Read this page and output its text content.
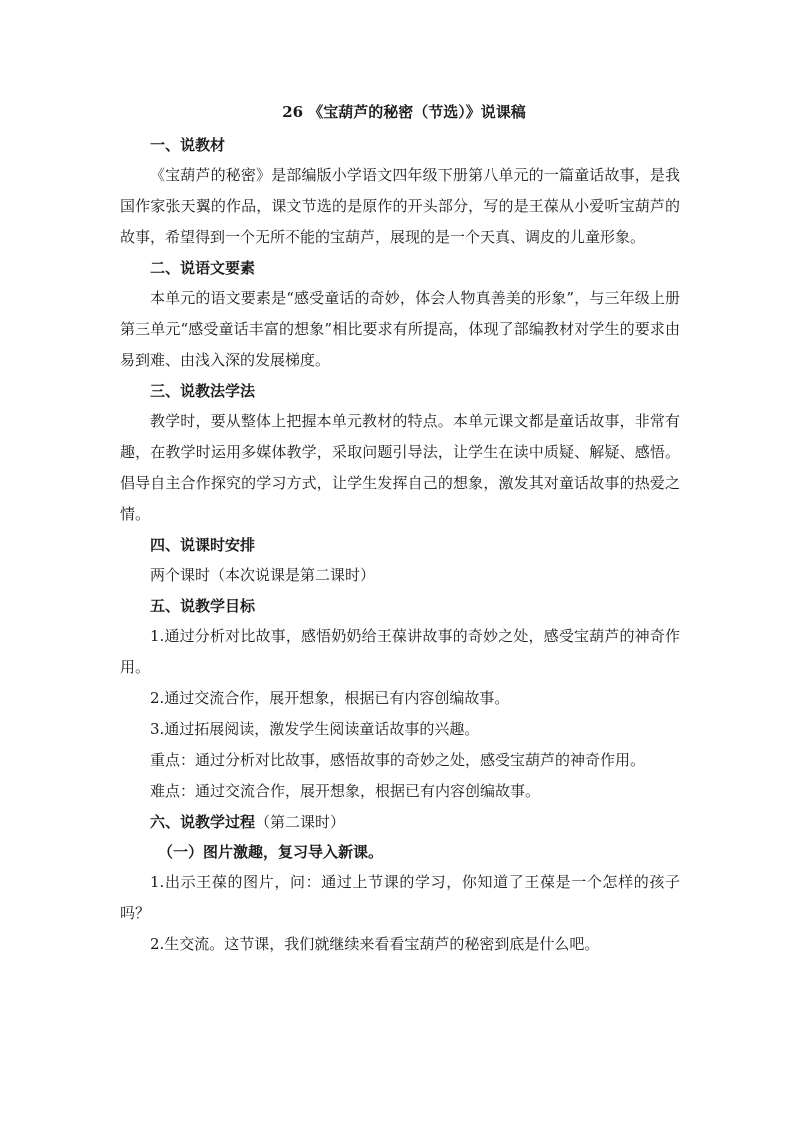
26 《宝葫芦的秘密（节选）》说课稿
一、说教材

《宝葫芦的秘密》是部编版小学语文四年级下册第八单元的一篇童话故事，是我国作家张天翼的作品，课文节选的是原作的开头部分，写的是王葆从小爱听宝葫芦的故事，希望得到一个无所不能的宝葫芦，展现的是一个天真、调皮的儿童形象。

二、说语文要素

本单元的语文要素是“感受童话的奇妙，体会人物真善美的形象”，与三年级上册第三单元“感受童话丰富的想象”相比要求有所提高，体现了部编教材对学生的要求由易到难、由浅入深的发展梯度。

三、说教法学法

教学时，要从整体上把握本单元教材的特点。本单元课文都是童话故事，非常有趣，在教学时运用多媒体教学，采取问题引导法，让学生在读中质疑、解疑、感悟。倡导自主合作探究的学习方式，让学生发挥自己的想象，激发其对童话故事的热爱之情。

四、说课时安排

两个课时（本次说课是第二课时）

五、说教学目标

1.通过分析对比故事，感悟奶奶给王葆讲故事的奇妙之处，感受宝葫芦的神奇作用。

2.通过交流合作，展开想象，根据已有内容创编故事。

3.通过拓展阅读，激发学生阅读童话故事的兴趣。

重点：通过分析对比故事，感悟故事的奇妙之处，感受宝葫芦的神奇作用。

难点：通过交流合作，展开想象，根据已有内容创编故事。

六、说教学过程（第二课时）
（一）图片激趣，复习导入新课。

1.出示王葆的图片，问：通过上节课的学习，你知道了王葆是一个怎样的孩子吗？

2.生交流。这节课，我们就继续来看看宝葫芦的秘密到底是什么吧。
